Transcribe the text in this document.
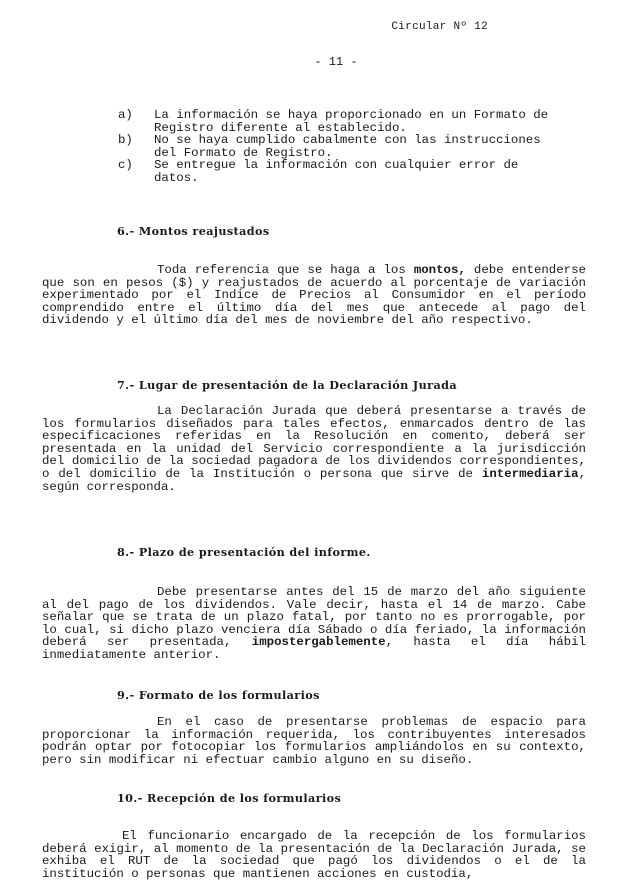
Circular Nº 12
- 11 -
a)	La información se haya proporcionado en un Formato de Registro diferente al establecido.
b)	No se haya cumplido cabalmente con las instrucciones del Formato de Registro.
c)	Se entregue la información con cualquier error de datos.
6.- Montos reajustados
Toda referencia que se haga a los montos, debe entenderse que son en pesos ($) y reajustados de acuerdo al porcentaje de variación experimentado por el Indice de Precios al Consumidor en el período comprendido entre el último día del mes que antecede al pago del dividendo y el último día del mes de noviembre del año respectivo.
7.- Lugar de presentación de la Declaración Jurada
La Declaración Jurada que deberá presentarse a través de los formularios diseñados para tales efectos, enmarcados dentro de las especificaciones referidas en la Resolución en comento, deberá ser presentada en la unidad del Servicio correspondiente a la jurisdicción del domicilio de la sociedad pagadora de los dividendos correspondientes, o del domicilio de la Institución o persona que sirve de intermediaria, según corresponda.
8.- Plazo de presentación del informe.
Debe presentarse antes del 15 de marzo del año siguiente al del pago de los dividendos. Vale decir, hasta el 14 de marzo. Cabe señalar que se trata de un plazo fatal, por tanto no es prorrogable, por lo cual, si dicho plazo venciera día Sábado o día feriado, la información deberá ser presentada, impostergablemente, hasta el día hábil inmediatamente anterior.
9.- Formato de los formularios
En el caso de presentarse problemas de espacio para proporcionar la información requerida, los contribuyentes interesados podrán optar por fotocopiar los formularios ampliándolos en su contexto, pero sin modificar ni efectuar cambio alguno en su diseño.
10.- Recepción de los formularios
El funcionario encargado de la recepción de los formularios deberá exigir, al momento de la presentación de la Declaración Jurada, se exhiba el RUT de la sociedad que pagó los dividendos o el de la institución o personas que mantienen acciones en custodia,
